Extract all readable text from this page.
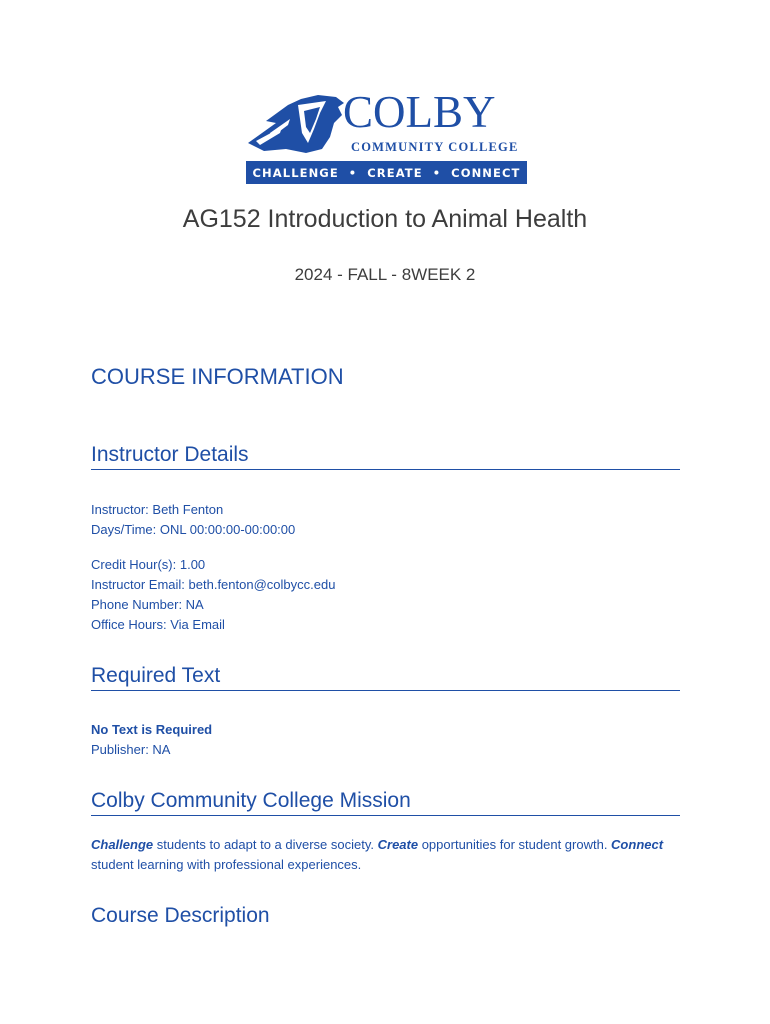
COLBY
COMMUNITY COLLEGE
CHALLENGE • CREATE • CONNECT
AG152 Introduction to Animal Health
2024 - FALL - 8WEEK 2
COURSE INFORMATION
Instructor Details
Instructor: Beth Fenton
Days/Time: ONL 00:00:00-00:00:00
Credit Hour(s): 1.00
Instructor Email: beth.fenton@colbycc.edu
Phone Number: NA
Office Hours: Via Email
Required Text
No Text is Required
Publisher: NA
Colby Community College Mission
Challenge students to adapt to a diverse society. Create opportunities for student growth. Connect student learning with professional experiences.
Course Description
